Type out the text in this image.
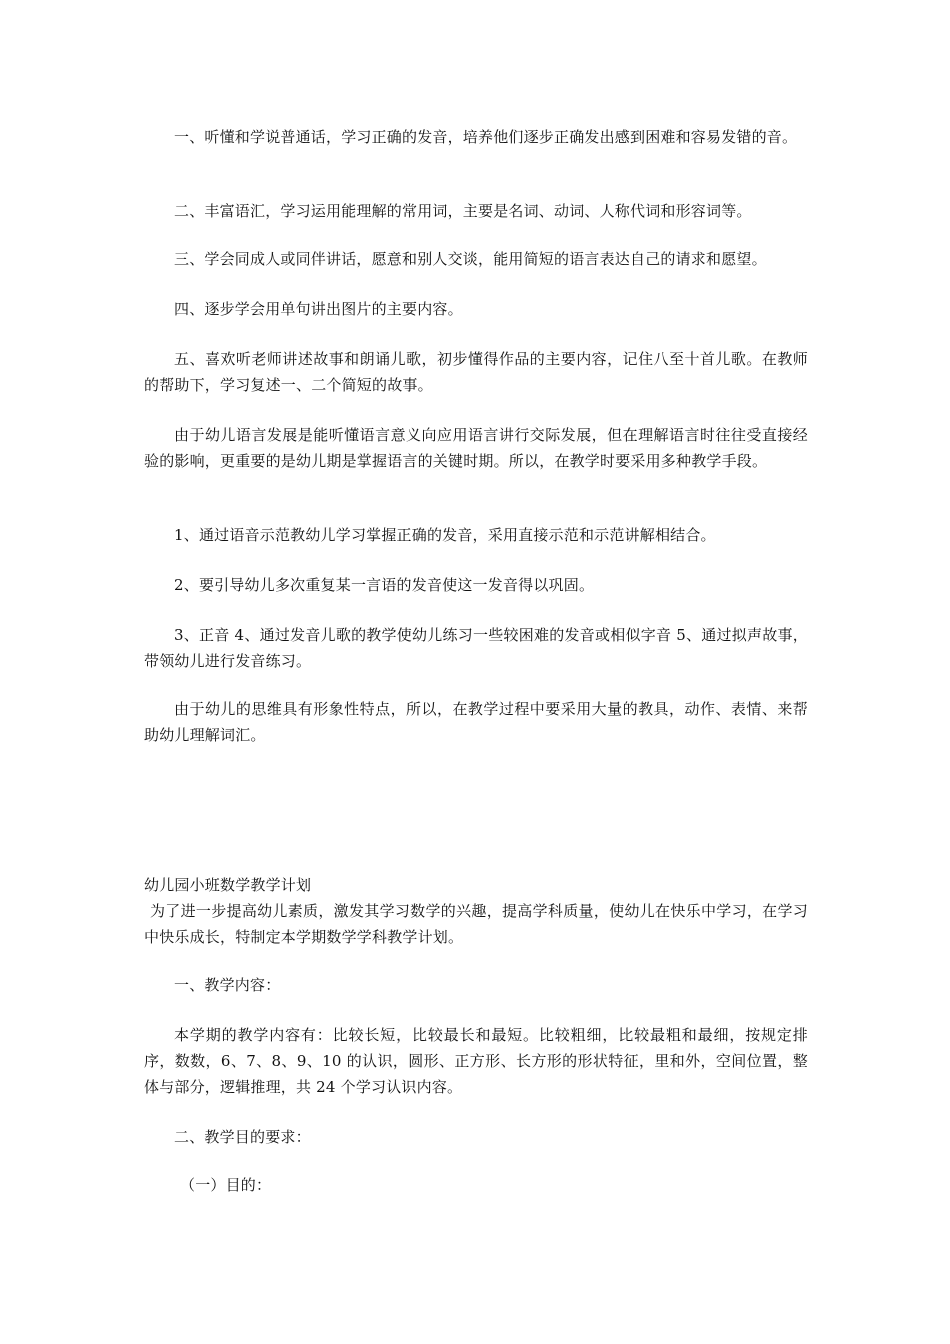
一、听懂和学说普通话，学习正确的发音，培养他们逐步正确发出感到困难和容易发错的音。

二、丰富语汇，学习运用能理解的常用词，主要是名词、动词、人称代词和形容词等。

三、学会同成人或同伴讲话，愿意和别人交谈，能用简短的语言表达自己的请求和愿望。

四、逐步学会用单句讲出图片的主要内容。

五、喜欢听老师讲述故事和朗诵儿歌，初步懂得作品的主要内容，记住八至十首儿歌。在教师的帮助下，学习复述一、二个简短的故事。

由于幼儿语言发展是能听懂语言意义向应用语言讲行交际发展，但在理解语言时往往受直接经验的影响，更重要的是幼儿期是掌握语言的关键时期。所以，在教学时要采用多种教学手段。

1、通过语音示范教幼儿学习掌握正确的发音，采用直接示范和示范讲解相结合。

2、要引导幼儿多次重复某一言语的发音使这一发音得以巩固。

3、正音 4、通过发音儿歌的教学使幼儿练习一些较困难的发音或相似字音 5、通过拟声故事，带领幼儿进行发音练习。

由于幼儿的思维具有形象性特点，所以，在教学过程中要采用大量的教具，动作、表情、来帮助幼儿理解词汇。

幼儿园小班数学教学计划

为了进一步提高幼儿素质，激发其学习数学的兴趣，提高学科质量，使幼儿在快乐中学习，在学习中快乐成长，特制定本学期数学学科教学计划。

一、教学内容：

本学期的教学内容有：比较长短，比较最长和最短。比较粗细，比较最粗和最细，按规定排序，数数，6、7、8、9、10 的认识，圆形、正方形、长方形的形状特征，里和外，空间位置，整体与部分，逻辑推理，共 24 个学习认识内容。

二、教学目的要求：

（一）目的：
